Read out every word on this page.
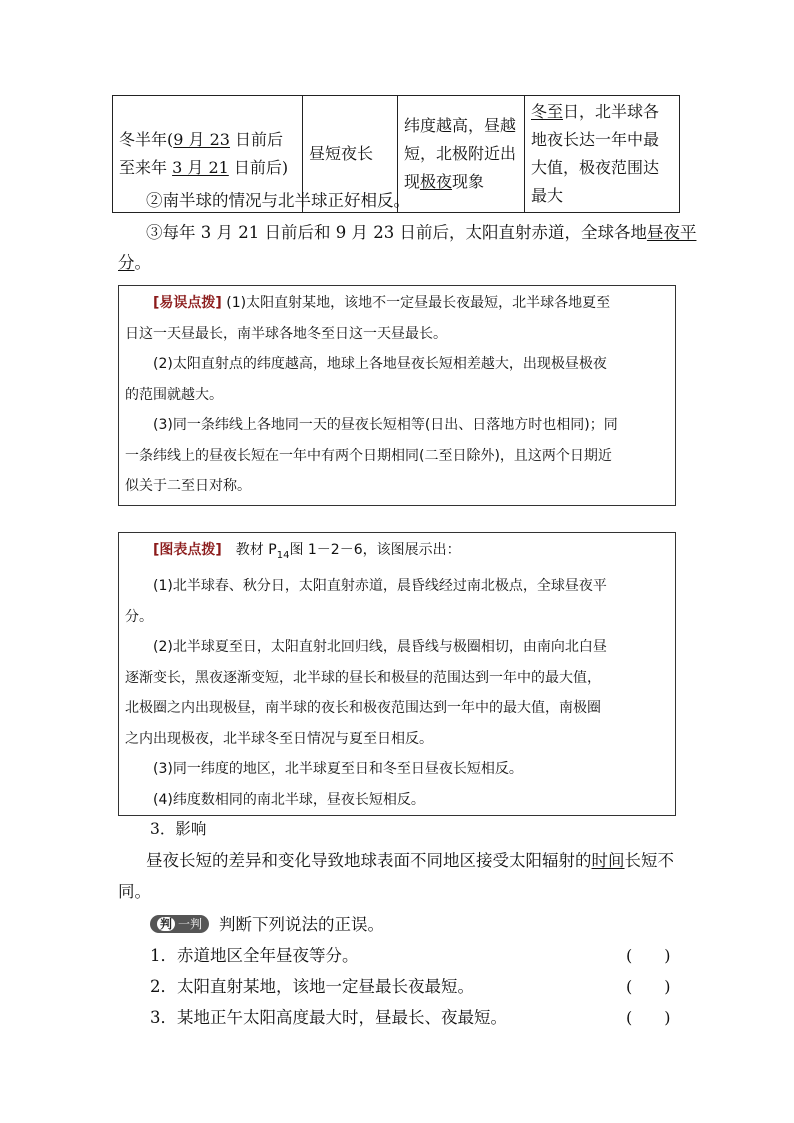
冬半年(9 月 23 日前后至来年 3 月 21 日前后)	昼短夜长	纬度越高，昼越短，北极附近出现极夜现象	冬至日，北半球各地夜长达一年中最大值，极夜范围达最大
②南半球的情况与北半球正好相反。
③每年 3 月 21 日前后和 9 月 23 日前后，太阳直射赤道，全球各地昼夜平
分。
[易误点拨] (1)太阳直射某地，该地不一定昼最长夜最短，北半球各地夏至
日这一天昼最长，南半球各地冬至日这一天昼最长。
(2)太阳直射点的纬度越高，地球上各地昼夜长短相差越大，出现极昼极夜
的范围就越大。
(3)同一条纬线上各地同一天的昼夜长短相等(日出、日落地方时也相同)；同
一条纬线上的昼夜长短在一年中有两个日期相同(二至日除外)，且这两个日期近
似关于二至日对称。
[图表点拨]　 教材 $P_{14}$图 1－2－6，该图展示出：
(1)北半球春、秋分日，太阳直射赤道，晨昏线经过南北极点，全球昼夜平
分。
(2)北半球夏至日，太阳直射北回归线，晨昏线与极圈相切，由南向北白昼
逐渐变长，黑夜逐渐变短，北半球的昼长和极昼的范围达到一年中的最大值，
北极圈之内出现极昼，南半球的夜长和极夜范围达到一年中的最大值，南极圈
之内出现极夜，北半球冬至日情况与夏至日相反。
(3)同一纬度的地区，北半球夏至日和冬至日昼夜长短相反。
(4)纬度数相同的南北半球，昼夜长短相反。
3．影响
昼夜长短的差异和变化导致地球表面不同地区接受太阳辐射的时间长短不
同。
判 一判 判断下列说法的正误。
1．赤道地区全年昼夜等分。	(　　)
2．太阳直射某地，该地一定昼最长夜最短。	(　　)
3．某地正午太阳高度最大时，昼最长、夜最短。	(　　)
